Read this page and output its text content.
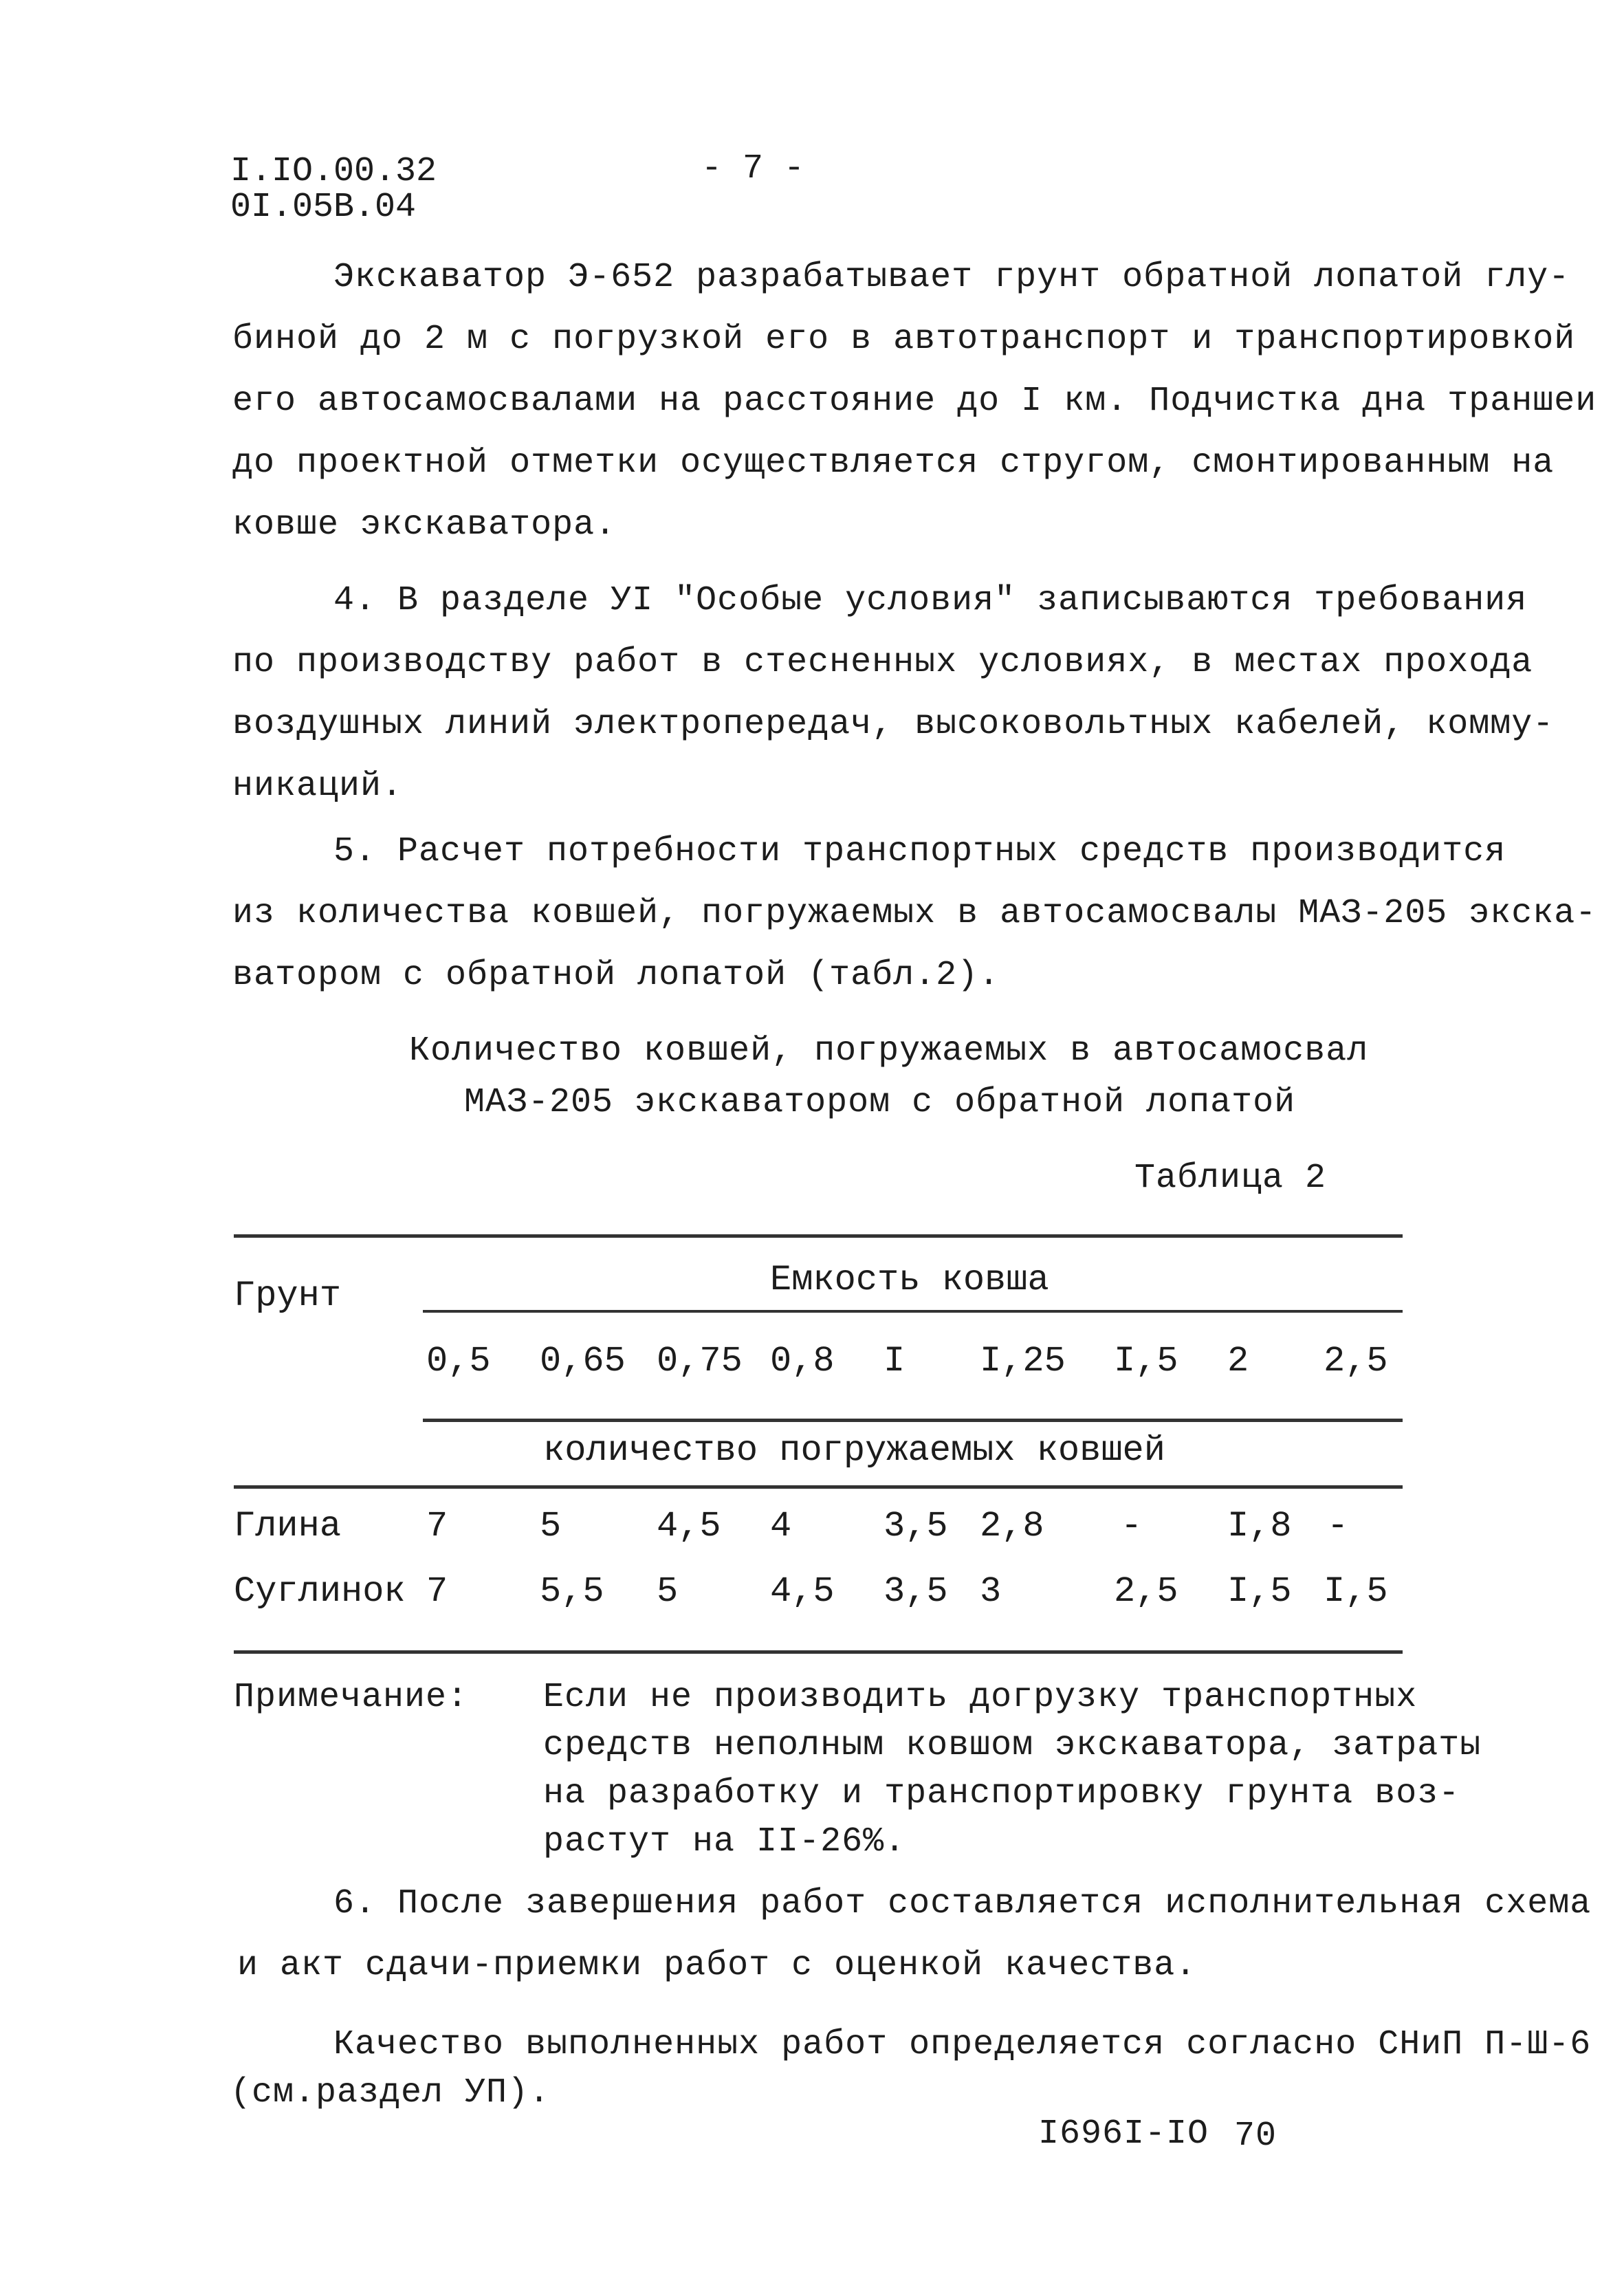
I.IO.00.32
0I.05B.04
- 7 -
Экскаватор Э-652 разрабатывает грунт обратной лопатой глу-
биной до 2 м с погрузкой его в автотранспорт и транспортировкой
его автосамосвалами на расстояние до I км. Подчистка дна траншеи
до проектной отметки осуществляется стругом, смонтированным на
ковше экскаватора.
4. В разделе УI "Особые условия" записываются требования
по производству работ в стесненных условиях, в местах прохода
воздушных линий электропередач, высоковольтных кабелей, комму-
никаций.
5. Расчет потребности транспортных средств производится
из количества ковшей, погружаемых в автосамосвалы МАЗ-205 экска-
ватором с обратной лопатой (табл.2).
Количество ковшей, погружаемых в автосамосвал
МАЗ-205 экскаватором с обратной лопатой
Таблица 2
Грунт	Емкость ковша
0,5 0,65 0,75 0,8 I I,25 I,5 2 2,5
количество погружаемых ковшей
Глина 7	5	4,5 4	3,5 2,8 - I,8 -
Суглинок 7	5,5 5	4,5 3,5 3	2,5 I,5 I,5
Примечание: Если не производить догрузку транспортных
средств неполным ковшом экскаватора, затраты
на разработку и транспортировку грунта воз-
растут на II-26%.
6. После завершения работ составляется исполнительная схема
и акт сдачи-приемки работ с оценкой качества.
Качество выполненных работ определяется согласно СНиП П-Ш-6
(см.раздел УП).
I696I-IO 70
